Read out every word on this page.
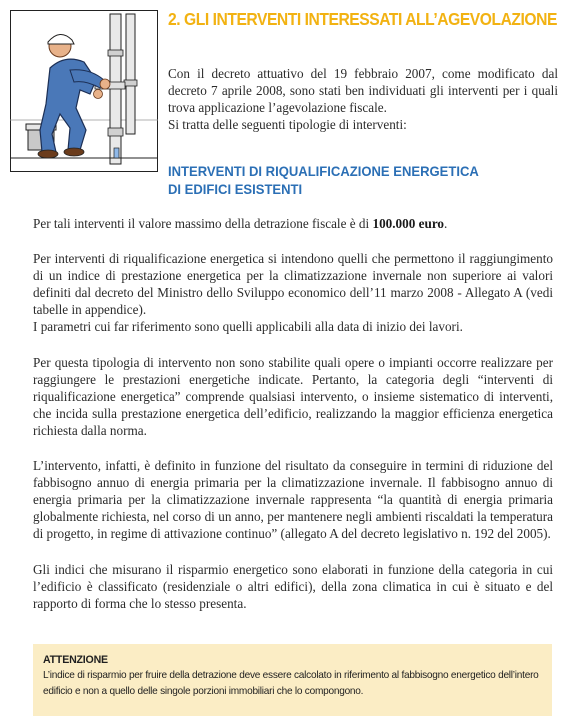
2. GLI INTERVENTI INTERESSATI ALL’AGEVOLAZIONE

Con il decreto attuativo del 19 febbraio 2007, come modificato dal decreto 7 aprile 2008, sono stati ben individuati gli interventi per i quali trova applicazione l’agevolazione fiscale.

Si tratta delle seguenti tipologie di interventi:

INTERVENTI DI RIQUALIFICAZIONE ENERGETICA
DI EDIFICI ESISTENTI

Per tali interventi il valore massimo della detrazione fiscale è di 100.000 euro.

Per interventi di riqualificazione energetica si intendono quelli che permettono il raggiungimento di un indice di prestazione energetica per la climatizzazione invernale non superiore ai valori definiti dal decreto del Ministro dello Sviluppo economico dell’11 marzo 2008 - Allegato A (vedi tabelle in appendice).

I parametri cui far riferimento sono quelli applicabili alla data di inizio dei lavori.

Per questa tipologia di intervento non sono stabilite quali opere o impianti occorre realizzare per raggiungere le prestazioni energetiche indicate. Pertanto, la categoria degli “interventi di riqualificazione energetica” comprende qualsiasi intervento, o insieme sistematico di interventi, che incida sulla prestazione energetica dell’edificio, realizzando la maggior efficienza energetica richiesta dalla norma.

L’intervento, infatti, è definito in funzione del risultato da conseguire in termini di riduzione del fabbisogno annuo di energia primaria per la climatizzazione invernale. Il fabbisogno annuo di energia primaria per la climatizzazione invernale rappresenta “la quantità di energia primaria globalmente richiesta, nel corso di un anno, per mantenere negli ambienti riscaldati la temperatura di progetto, in regime di attivazione continuo” (allegato A del decreto legislativo n. 192 del 2005).

Gli indici che misurano il risparmio energetico sono elaborati in funzione della categoria in cui l’edificio è classificato (residenziale o altri edifici), della zona climatica in cui è situato e del rapporto di forma che lo stesso presenta.

ATTENZIONE
L’indice di risparmio per fruire della detrazione deve essere calcolato in riferimento al fabbisogno energetico dell’intero edificio e non a quello delle singole porzioni immobiliari che lo compongono.
